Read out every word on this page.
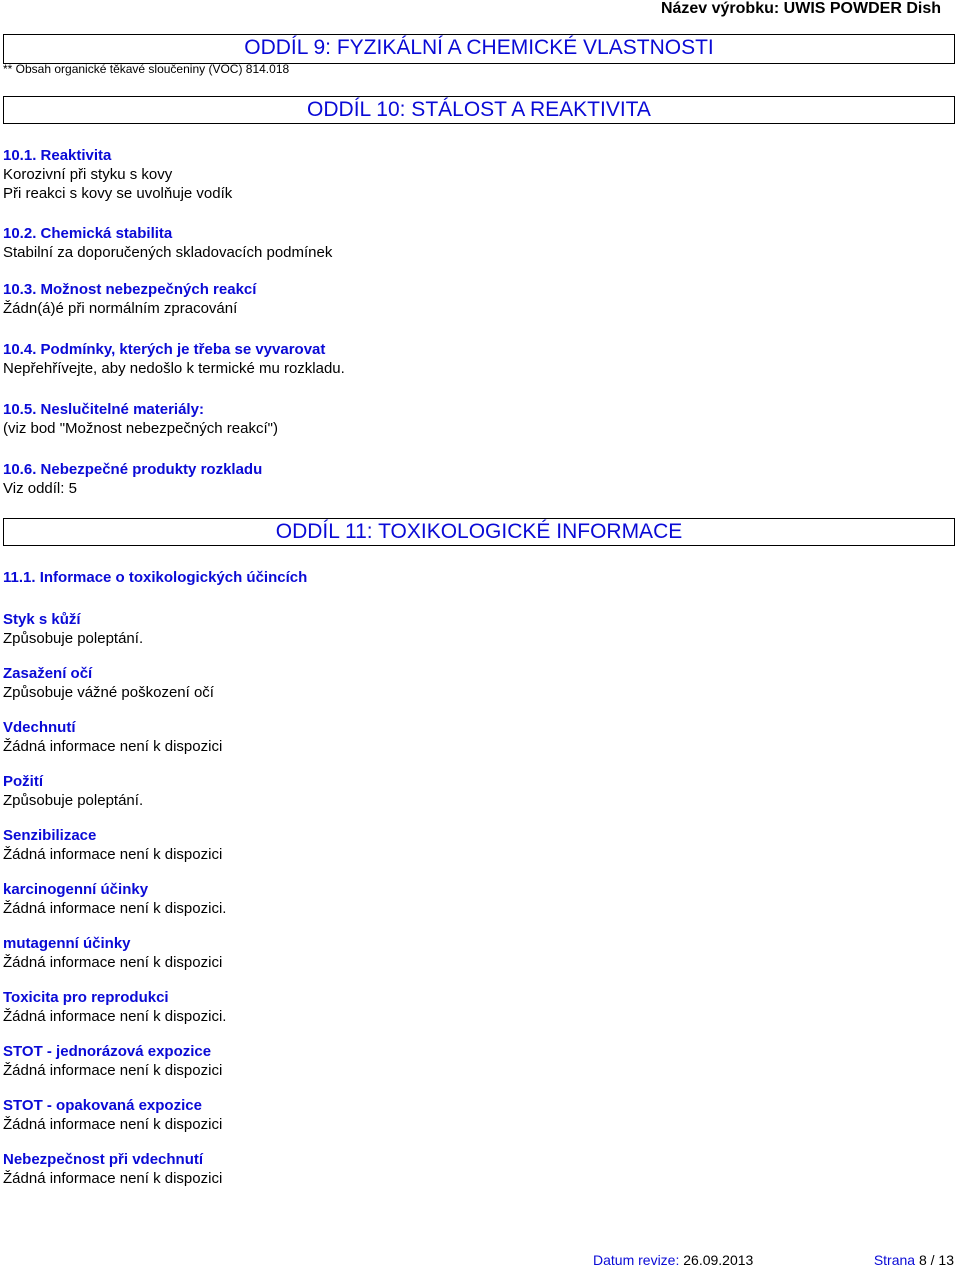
Název výrobku: UWIS POWDER Dish
ODDÍL 9: FYZIKÁLNÍ A CHEMICKÉ VLASTNOSTI
** Obsah organické těkavé sloučeniny (VOC) 814.018
ODDÍL 10: STÁLOST A REAKTIVITA
10.1. Reaktivita
Korozivní při styku s kovy
Při reakci s kovy se uvolňuje vodík
10.2. Chemická stabilita
Stabilní za doporučených skladovacích podmínek
10.3. Možnost nebezpečných reakcí
Žádn(á)é při normálním zpracování
10.4. Podmínky, kterých je třeba se vyvarovat
Nepřehřívejte, aby nedošlo k termické mu rozkladu.
10.5. Neslučitelné materiály:
(viz bod "Možnost nebezpečných reakcí")
10.6. Nebezpečné produkty rozkladu
Viz oddíl: 5
ODDÍL 11: TOXIKOLOGICKÉ INFORMACE
11.1. Informace o toxikologických účincích
Styk s kůží
Způsobuje poleptání.
Zasažení očí
Způsobuje vážné poškození očí
Vdechnutí
Žádná informace není k dispozici
Požití
Způsobuje poleptání.
Senzibilizace
Žádná informace není k dispozici
karcinogenní účinky
Žádná informace není k dispozici.
mutagenní účinky
Žádná informace není k dispozici
Toxicita pro reprodukci
Žádná informace není k dispozici.
STOT - jednorázová expozice
Žádná informace není k dispozici
STOT - opakovaná expozice
Žádná informace není k dispozici
Nebezpečnost při vdechnutí
Žádná informace není k dispozici
Datum revize: 26.09.2013	Strana 8 / 13
